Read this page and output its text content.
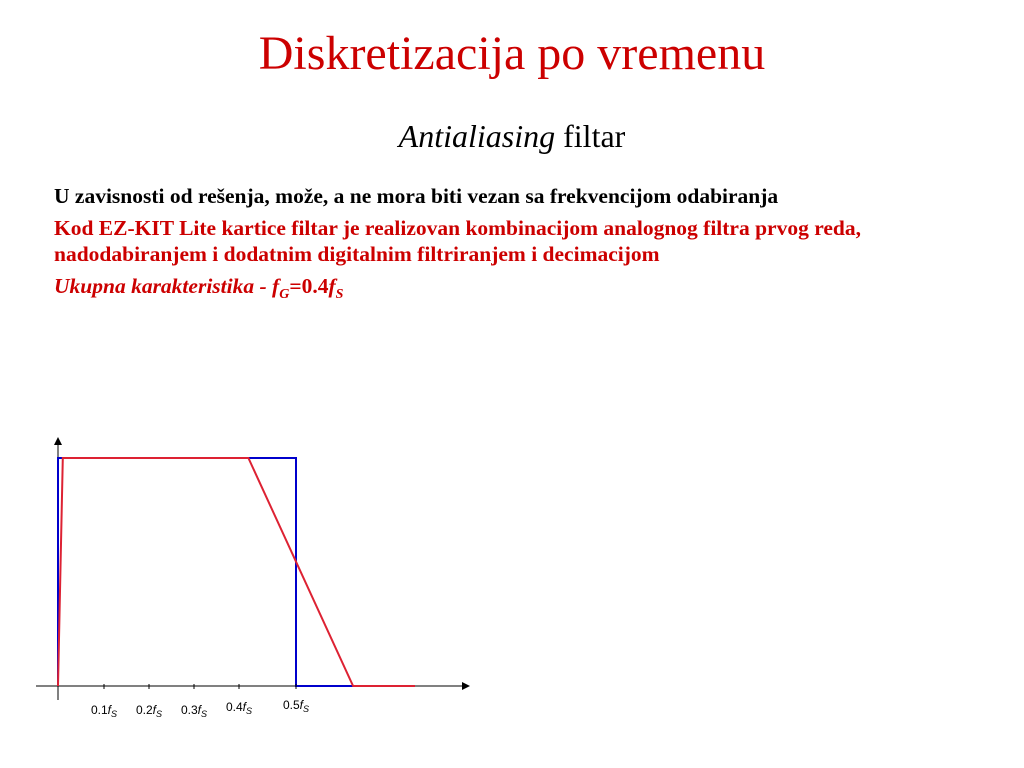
Diskretizacija po vremenu
Antialiasing filtar

U zavisnosti od rešenja, može, a ne mora biti vezan sa frekvencijom odabiranja

Kod EZ-KIT Lite kartice filtar je realizovan kombinacijom analognog filtra prvog reda, nadodabiranjem i dodatnim digitalnim filtriranjem i decimacijom

Ukupna karakteristika - $f_G=0.4f_S$

$0.1f_S$ $0.2f_S$ $0.3f_S$ $0.4f_S$	$0.5f_S$
